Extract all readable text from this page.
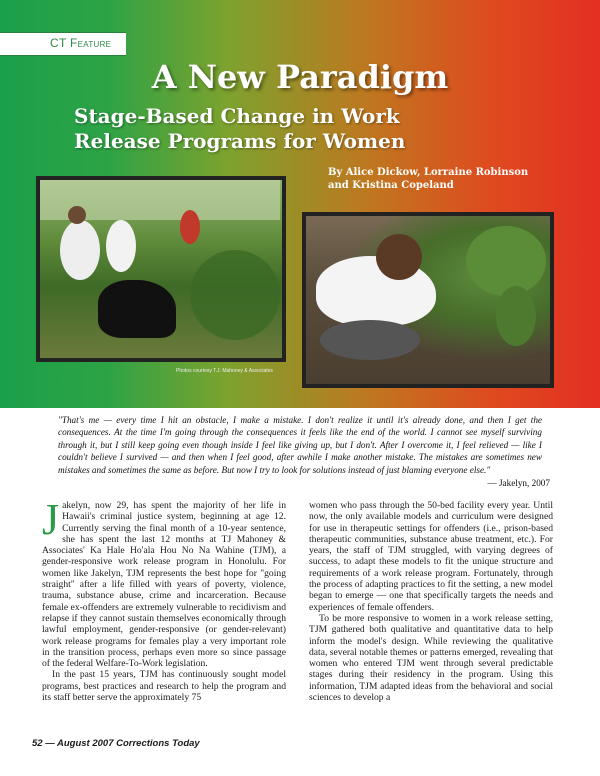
CT Feature
A New Paradigm
Stage-Based Change in Work
Release Programs for Women
By Alice Dickow, Lorraine Robinson
and Kristina Copeland
Photos courtesy T.J. Mahoney & Associates

"That's me — every time I hit an obstacle, I make a mistake. I don't realize it until it's already done, and then I get the consequences. At the time I'm going through the consequences it feels like the end of the world. I cannot see myself surviving through it, but I still keep going even though inside I feel like giving up, but I don't. After I overcome it, I feel relieved — like I couldn't believe I survived — and then when I feel good, after awhile I make another mistake. The mistakes are sometimes new mistakes and sometimes the same as before. But now I try to look for solutions instead of just blaming everyone else."

— Jakelyn, 2007

Jakelyn, now 29, has spent the majority of her life in Hawaii's criminal justice system, beginning at age 12. Currently serving the final month of a 10-year sentence, she has spent the last 12 months at TJ Mahoney & Associates' Ka Hale Ho'ala Hou No Na Wahine (TJM), a gender-responsive work release program in Honolulu. For women like Jakelyn, TJM represents the best hope for "going straight" after a life filled with years of poverty, violence, trauma, substance abuse, crime and incarceration. Because female ex-offenders are extremely vulnerable to recidivism and relapse if they cannot sustain themselves economically through lawful employment, gender-responsive (or gender-relevant) work release programs for females play a very important role in the transition process, perhaps even more so since passage of the federal Welfare-To-Work legislation.

In the past 15 years, TJM has continuously sought model programs, best practices and research to help the program and its staff better serve the approximately 75

women who pass through the 50-bed facility every year. Until now, the only available models and curriculum were designed for use in therapeutic settings for offenders (i.e., prison-based therapeutic communities, substance abuse treatment, etc.). For years, the staff of TJM struggled, with varying degrees of success, to adapt these models to fit the unique structure and requirements of a work release program. Fortunately, through the process of adapting practices to fit the setting, a new model began to emerge — one that specifically targets the needs and experiences of female offenders.

To be more responsive to women in a work release setting, TJM gathered both qualitative and quantitative data to help inform the model's design. While reviewing the qualitative data, several notable themes or patterns emerged, revealing that women who entered TJM went through several predictable stages during their residency in the program. Using this information, TJM adapted ideas from the behavioral and social sciences to develop a

52 — August 2007 Corrections Today
